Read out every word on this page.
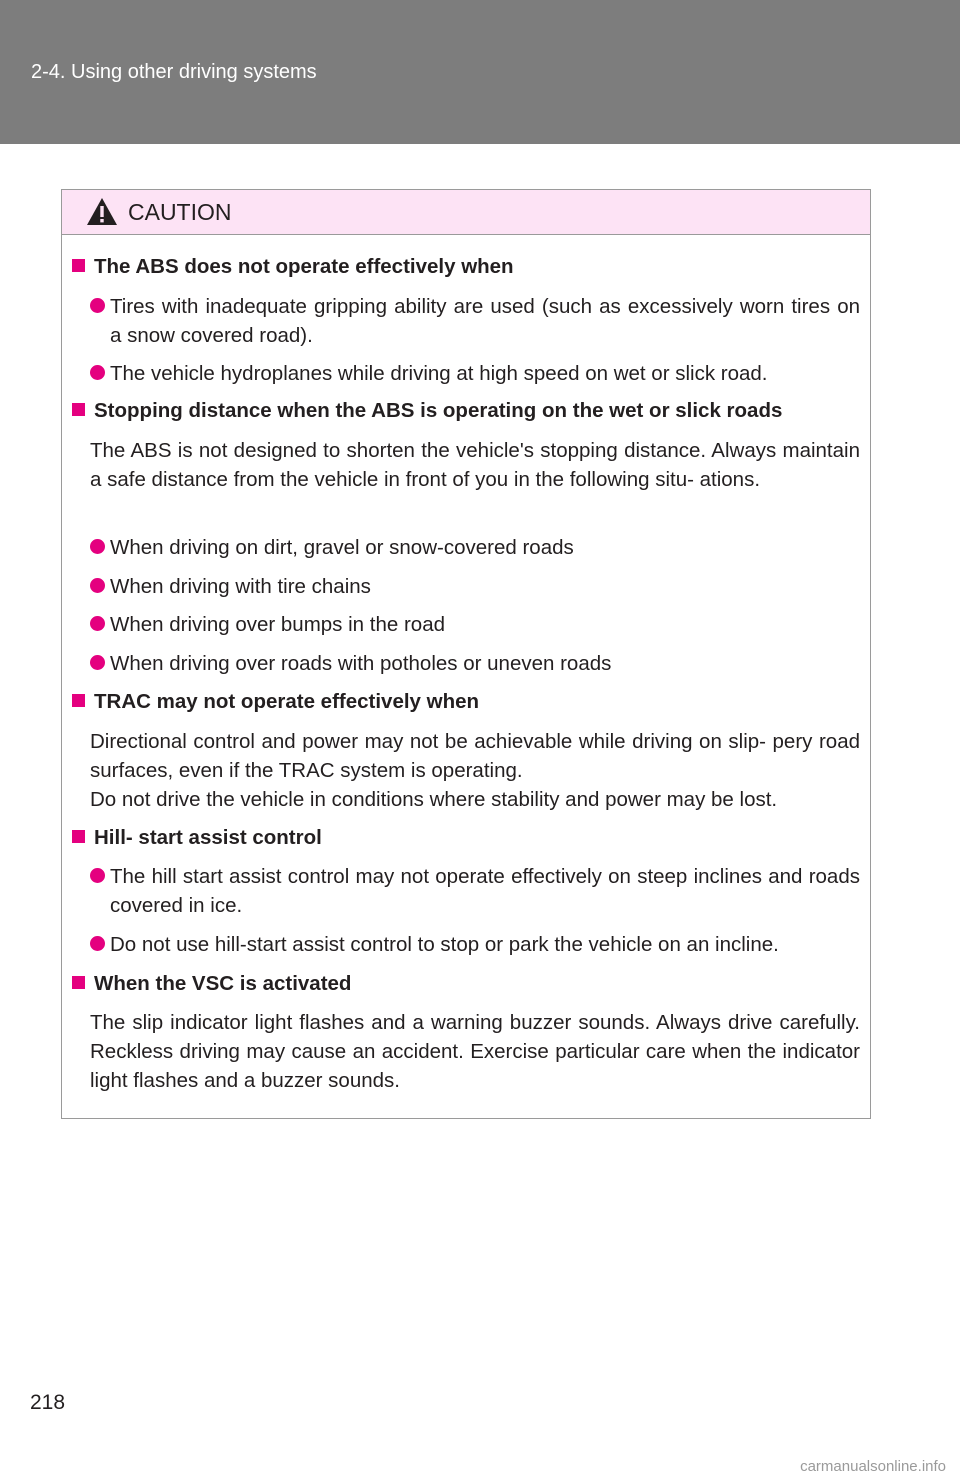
2-4. Using other driving systems
CAUTION
The ABS does not operate effectively when
Tires with inadequate gripping ability are used (such as excessively worn tires on a snow covered road).
The vehicle hydroplanes while driving at high speed on wet or slick road.
Stopping distance when the ABS is operating on the wet or slick roads
The ABS is not designed to shorten the vehicle's stopping distance. Always maintain a safe distance from the vehicle in front of you in the following situ- ations.
When driving on dirt, gravel or snow-covered roads
When driving with tire chains
When driving over bumps in the road
When driving over roads with potholes or uneven roads
TRAC may not operate effectively when
Directional control and power may not be achievable while driving on slip- pery road surfaces, even if the TRAC system is operating.
Do not drive the vehicle in conditions where stability and power may be lost.
Hill- start assist control
The hill start assist control may not operate effectively on steep inclines and roads covered in ice.
Do not use hill-start assist control to stop or park the vehicle on an incline.
When the VSC is activated
The slip indicator light flashes and a warning buzzer sounds. Always drive carefully. Reckless driving may cause an accident. Exercise particular care when the indicator light flashes and a buzzer sounds.
218
carmanualsonline.info
